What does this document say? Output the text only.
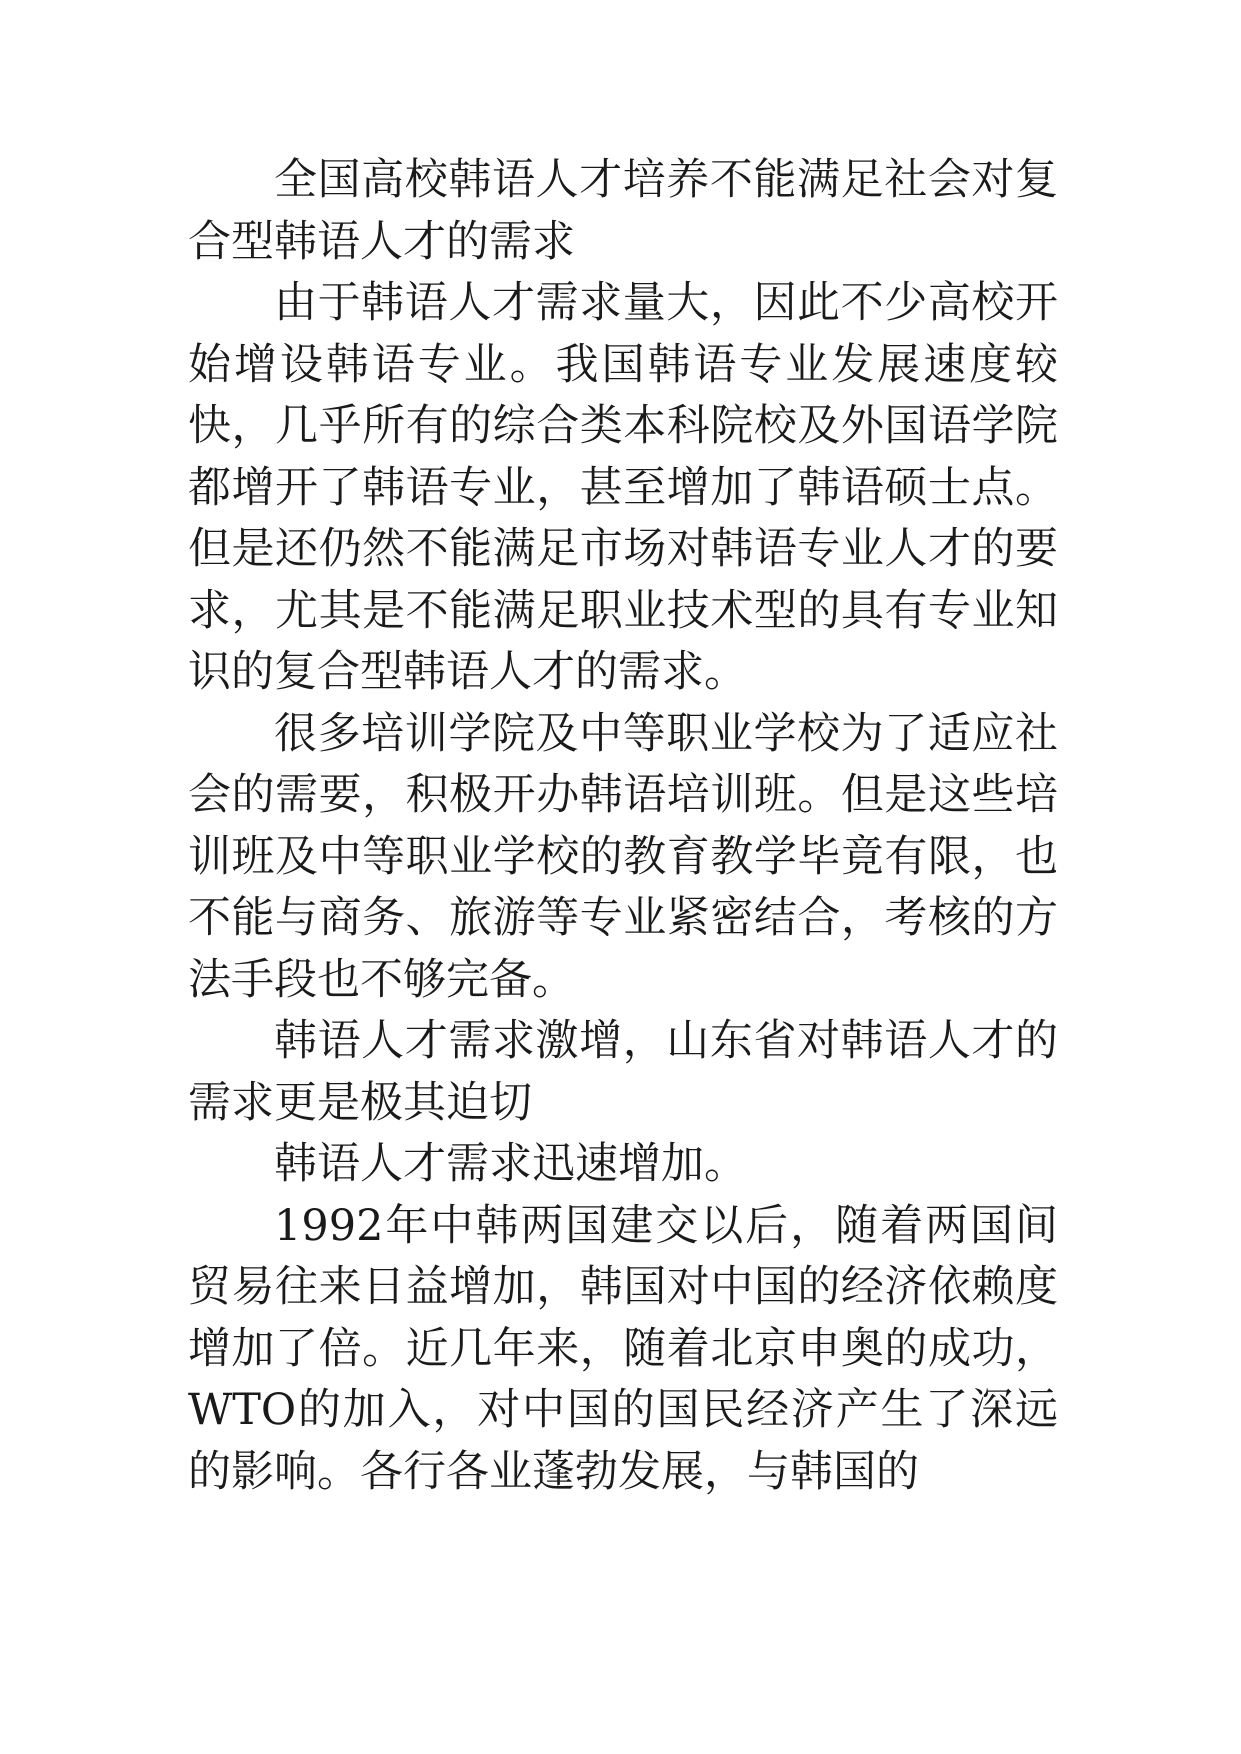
全国高校韩语人才培养不能满足社会对复合型韩语人才的需求

由于韩语人才需求量大，因此不少高校开始增设韩语专业。我国韩语专业发展速度较快，几乎所有的综合类本科院校及外国语学院都增开了韩语专业，甚至增加了韩语硕士点。但是还仍然不能满足市场对韩语专业人才的要求，尤其是不能满足职业技术型的具有专业知识的复合型韩语人才的需求。

很多培训学院及中等职业学校为了适应社会的需要，积极开办韩语培训班。但是这些培训班及中等职业学校的教育教学毕竟有限，也不能与商务、旅游等专业紧密结合，考核的方法手段也不够完备。

韩语人才需求激增，山东省对韩语人才的需求更是极其迫切

韩语人才需求迅速增加。

1992年中韩两国建交以后，随着两国间贸易往来日益增加，韩国对中国的经济依赖度增加了倍。近几年来，随着北京申奥的成功，WTO的加入，对中国的国民经济产生了深远的影响。各行各业蓬勃发展，与韩国的
